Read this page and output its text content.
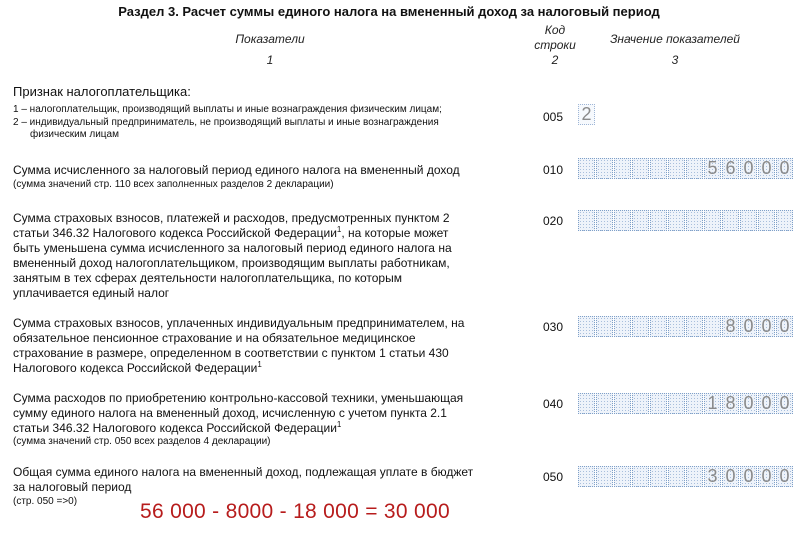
Раздел 3. Расчет суммы единого налога на вмененный доход за налоговый период
Показатели
1
Код
строки
2
Значение показателей
3
Признак налогоплательщика:
1 – налогоплательщик, производящий выплаты и иные вознаграждения физическим лицам;
2 – индивидуальный предприниматель, не производящий выплаты и иные вознаграждения
физическим лицам
005 2
Сумма исчисленного за налоговый период единого налога на вмененный доход
(сумма значений стр. 110 всех заполненных разделов 2 декларации)
010	5 6 0 0 0
Сумма страховых взносов, платежей и расходов, предусмотренных пунктом 2
статьи 346.32 Налогового кодекса Российской Федерации$^1$, на которые может
быть уменьшена сумма исчисленного за налоговый период единого налога на
вмененный доход налогоплательщиком, производящим выплаты работникам,
занятым в тех сферах деятельности налогоплательщика, по которым
уплачивается единый налог
020
Сумма страховых взносов, уплаченных индивидуальным предпринимателем, на
обязательное пенсионное страхование и на обязательное медицинское
страхование в размере, определенном в соответствии с пунктом 1 статьи 430
Налогового кодекса Российской Федерации$^1$
030	8 0 0 0
Сумма расходов по приобретению контрольно-кассовой техники, уменьшающая
сумму единого налога на вмененный доход, исчисленную с учетом пункта 2.1
статьи 346.32 Налогового кодекса Российской Федерации$^1$
(сумма значений стр. 050 всех разделов 4 декларации)
040	1 8 0 0 0
Общая сумма единого налога на вмененный доход, подлежащая уплате в бюджет
за налоговый период
(стр. 050 =>0)
050	3 0 0 0 0
56 000 - 8000 - 18 000 = 30 000
